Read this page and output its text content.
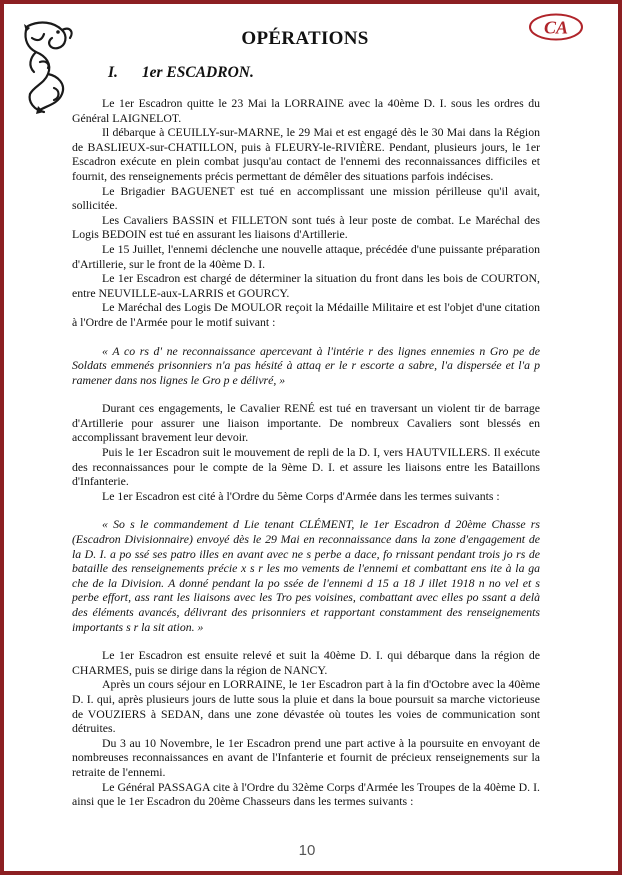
CA
OPÉRATIONS
I. 1er ESCADRON.

Le 1er Escadron quitte le 23 Mai la LORRAINE avec la 40ème D. I. sous les ordres du Général LAIGNELOT.

Il débarque à CEUILLY-sur-MARNE, le 29 Mai et est engagé dès le 30 Mai dans la Région de BASLIEUX-sur-CHATILLON, puis à FLEURY-le-RIVIÈRE. Pendant, plusieurs jours, le 1er Escadron exécute en plein combat jusqu'au contact de l'ennemi des reconnaissances difficiles et fournit, des renseignements précis permettant de démêler des situations parfois indécises.

Le Brigadier BAGUENET est tué en accomplissant une mission périlleuse qu'il avait, sollicitée.

Les Cavaliers BASSIN et FILLETON sont tués à leur poste de combat. Le Maréchal des Logis BEDOIN est tué en assurant les liaisons d'Artillerie.

Le 15 Juillet, l'ennemi déclenche une nouvelle attaque, précédée d'une puissante préparation d'Artillerie, sur le front de la 40ème D. I.

Le 1er Escadron est chargé de déterminer la situation du front dans les bois de COURTON, entre NEUVILLE-aux-LARRIS et GOURCY.

Le Maréchal des Logis De MOULOR reçoit la Médaille Militaire et est l'objet d'une citation à l'Ordre de l'Armée pour le motif suivant :

« A co rs d' ne reconnaissance apercevant à l'intérie r des lignes ennemies n Gro pe de Soldats emmenés prisonniers n'a pas hésité à attaq er le r escorte a sabre, l'a dispersée et l'a p ramener dans nos lignes le Gro p e délivré, »

Durant ces engagements, le Cavalier RENÉ est tué en traversant un violent tir de barrage d'Artillerie pour assurer une liaison importante. De nombreux Cavaliers sont blessés en accomplissant bravement leur devoir.

Puis le 1er Escadron suit le mouvement de repli de la D. I, vers HAUTVILLERS. Il exécute des reconnaissances pour le compte de la 9ème D. I. et assure les liaisons entre les Bataillons d'Infanterie.

Le 1er Escadron est cité à l'Ordre du 5ème Corps d'Armée dans les termes suivants :

« So s le commandement d Lie tenant CLÉMENT, le 1er Escadron d 20ème Chasse rs (Escadron Divisionnaire) envoyé dès le 29 Mai en reconnaissance dans la zone d'engagement de la D. I. a po ssé ses patro illes en avant avec ne s perbe a dace, fo rnissant pendant trois jo rs de bataille des renseignements précie x s r les mo vements de l'ennemi et combattant ens ite à la ga che de la Division. A donné pendant la po ssée de l'ennemi d 15 a 18 J illet 1918 n no vel et s perbe effort, ass rant les liaisons avec les Tro pes voisines, combattant avec elles po ssant a delà des éléments avancés, délivrant des prisonniers et rapportant constamment des renseignements importants s r la sit ation. »

Le 1er Escadron est ensuite relevé et suit la 40ème D. I. qui débarque dans la région de CHARMES, puis se dirige dans la région de NANCY.

Après un cours séjour en LORRAINE, le 1er Escadron part à la fin d'Octobre avec la 40ème D. I. qui, après plusieurs jours de lutte sous la pluie et dans la boue poursuit sa marche victorieuse de VOUZIERS à SEDAN, dans une zone dévastée où toutes les voies de communication sont détruites.

Du 3 au 10 Novembre, le 1er Escadron prend une part active à la poursuite en envoyant de nombreuses reconnaissances en avant de l'Infanterie et fournit de précieux renseignements sur la retraite de l'ennemi.

Le Général PASSAGA cite à l'Ordre du 32ème Corps d'Armée les Troupes de la 40ème D. I. ainsi que le 1er Escadron du 20ème Chasseurs dans les termes suivants :

10
